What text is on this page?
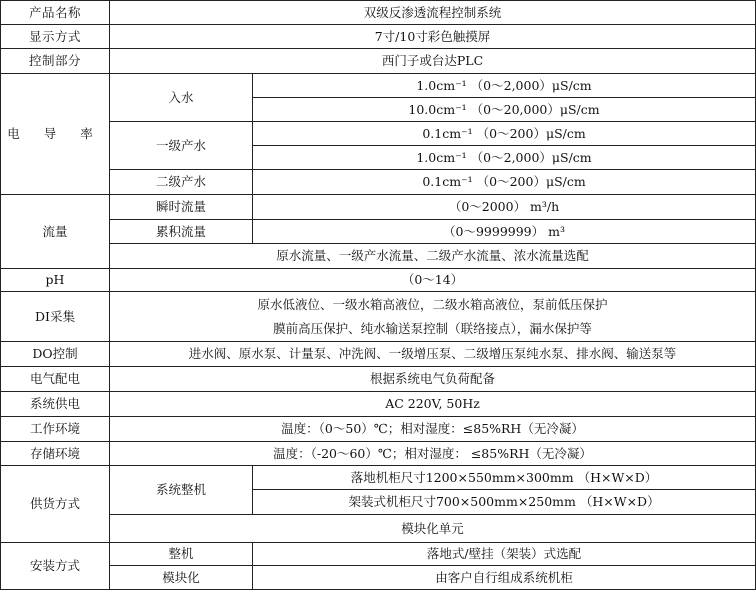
产品名称	双级反渗透流程控制系统	
显示方式	7寸/10寸彩色触摸屏	
控制部分	西门子或台达PLC	
电 导 率	入水	1.0cm⁻¹ （0～2,000）μS/cm
		10.0cm⁻¹ （0～20,000）μS/cm
	一级产水	0.1cm⁻¹ （0～200）μS/cm
		1.0cm⁻¹ （0～2,000）μS/cm
	二级产水	0.1cm⁻¹ （0～200）μS/cm
流量	瞬时流量	（0～2000） m³/h
	累积流量	（0～9999999） m³
	原水流量、一级产水流量、二级产水流量、浓水流量选配	
pH	（0～14）	
DI采集	原水低液位、一级水箱高液位，二级水箱高液位，泵前低压保护
膜前高压保护、纯水输送泵控制（联络接点），漏水保护等	

DO控制	进水阀、原水泵、计量泵、冲洗阀、一级增压泵、二级增压泵纯水泵、排水阀、输送泵等	
电气配电	根据系统电气负荷配备	
系统供电	AC 220V, 50Hz	
工作环境	温度：（0～50）℃；相对湿度：≤85%RH（无冷凝）	
存储环境	温度：（-20～60）℃；相对湿度： ≤85%RH（无冷凝）	
供货方式	系统整机	落地机柜尺寸1200×550mm×300mm （H×W×D）
		架装式机柜尺寸700×500mm×250mm （H×W×D）
	模块化单元	
安装方式	整机	落地式/壁挂（架装）式选配
	模块化	由客户自行组成系统机柜
